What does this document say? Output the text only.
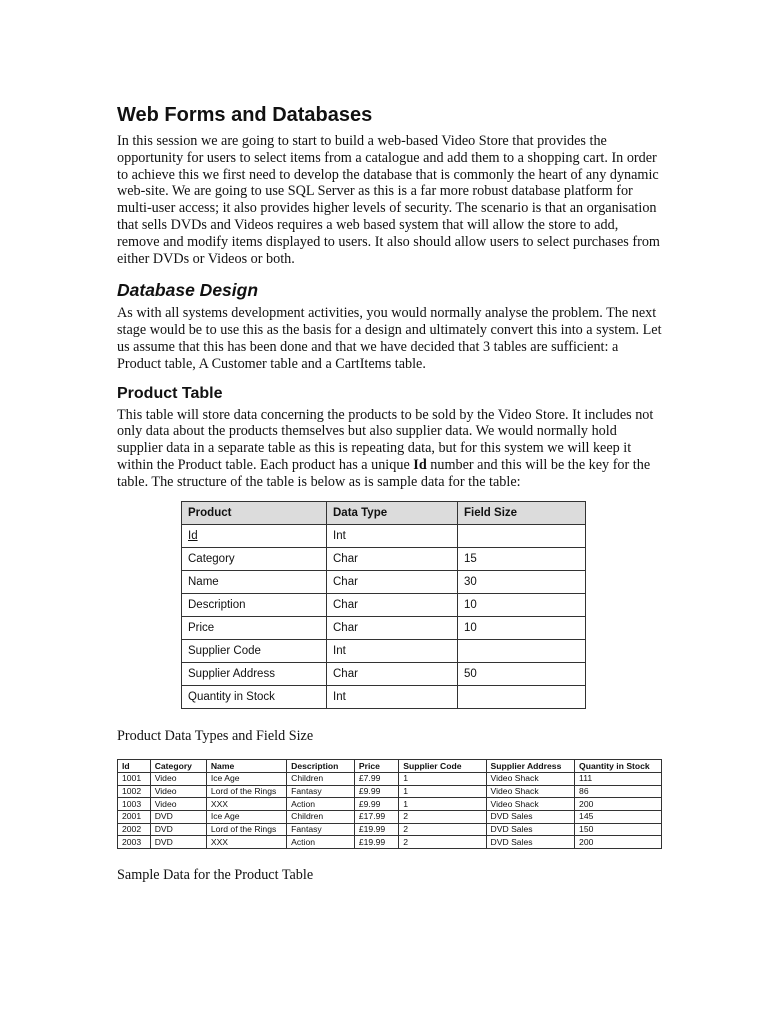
Web Forms and Databases

In this session we are going to start to build a web-based Video Store that provides the opportunity for users to select items from a catalogue and add them to a shopping cart. In order to achieve this we first need to develop the database that is commonly the heart of any dynamic web-site. We are going to use SQL Server as this is a far more robust database platform for multi-user access; it also provides higher levels of security. The scenario is that an organisation that sells DVDs and Videos requires a web based system that will allow the store to add, remove and modify items displayed to users. It also should allow users to select purchases from either DVDs or Videos or both.

Database Design

As with all systems development activities, you would normally analyse the problem. The next stage would be to use this as the basis for a design and ultimately convert this into a system. Let us assume that this has been done and that we have decided that 3 tables are sufficient: a Product table, A Customer table and a CartItems table.

Product Table

This table will store data concerning the products to be sold by the Video Store. It includes not only data about the products themselves but also supplier data. We would normally hold supplier data in a separate table as this is repeating data, but for this system we will keep it within the Product table. Each product has a unique Id number and this will be the key for the table. The structure of the table is below as is sample data for the table:

Product	Data Type	Field Size
Id	Int	
Category	Char	15
Name	Char	30
Description	Char	10
Price	Char	10
Supplier Code	Int	
Supplier Address	Char	50
Quantity in Stock	Int	

Product Data Types and Field Size

Id	Category	Name	Description	Price	Supplier Code	Supplier Address	Quantity in Stock
1001	Video	Ice Age	Children	£7.99	1	Video Shack	111
1002	Video	Lord of the Rings	Fantasy	£9.99	1	Video Shack	86
1003	Video	XXX	Action	£9.99	1	Video Shack	200
2001	DVD	Ice Age	Children	£17.99	2	DVD Sales	145
2002	DVD	Lord of the Rings	Fantasy	£19.99	2	DVD Sales	150
2003	DVD	XXX	Action	£19.99	2	DVD Sales	200

Sample Data for the Product Table
